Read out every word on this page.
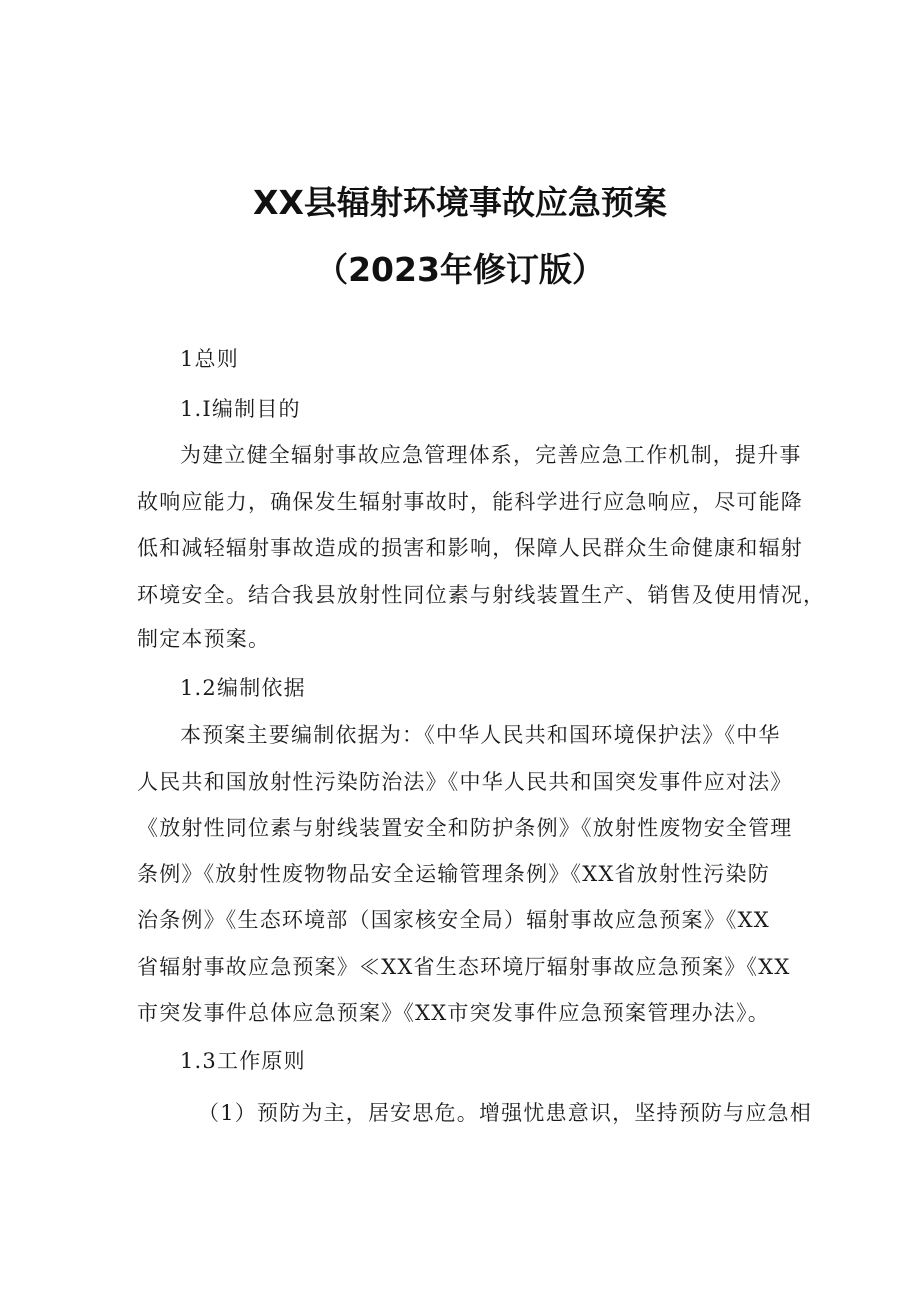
XX县辐射环境事故应急预案
（2023年修订版）
1总则
1.I编制目的
为建立健全辐射事故应急管理体系，完善应急工作机制，提升事
故响应能力，确保发生辐射事故时，能科学进行应急响应，尽可能降
低和减轻辐射事故造成的损害和影响，保障人民群众生命健康和辐射
环境安全。结合我县放射性同位素与射线装置生产、销售及使用情况，
制定本预案。
1.2编制依据
本预案主要编制依据为：《中华人民共和国环境保护法》《中华
人民共和国放射性污染防治法》《中华人民共和国突发事件应对法》
《放射性同位素与射线装置安全和防护条例》《放射性废物安全管理
条例》《放射性废物物品安全运输管理条例》《XX省放射性污染防
治条例》《生态环境部（国家核安全局）辐射事故应急预案》《XX
省辐射事故应急预案》≪XX省生态环境厅辐射事故应急预案》《XX
市突发事件总体应急预案》《XX市突发事件应急预案管理办法》。
1.3工作原则
（1）预防为主，居安思危。增强忧患意识，坚持预防与应急相
